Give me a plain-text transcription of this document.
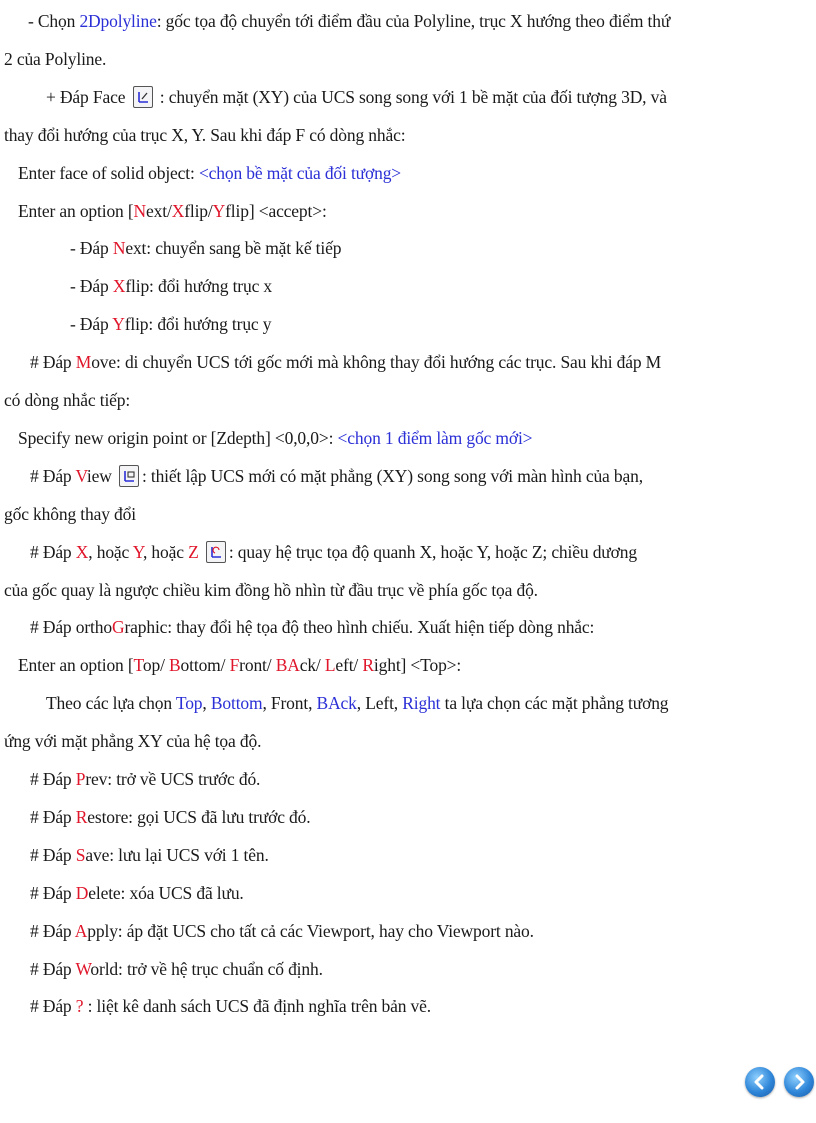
- Chọn 2Dpolyline: gốc tọa độ chuyển tới điểm đầu của Polyline, trục X hướng theo điểm thứ
2 của Polyline.
+ Đáp Face
: chuyển mặt (XY) của UCS song song với 1 bề mặt của đối tượng 3D, và
thay đổi hướng của trục X, Y. Sau khi đáp F có dòng nhắc:
Enter face of solid object: <chọn bề mặt của đối tượng>
Enter an option [Next/Xflip/Yflip] <accept>:
- Đáp Next: chuyển sang bề mặt kế tiếp
- Đáp Xflip: đổi hướng trục x
- Đáp Yflip: đổi hướng trục y
# Đáp Move: di chuyển UCS tới gốc mới mà không thay đổi hướng các trục. Sau khi đáp M
có dòng nhắc tiếp:
Specify new origin point or [Zdepth] <0,0,0>: <chọn 1 điểm làm gốc mới>
# Đáp View
: thiết lập UCS mới có mặt phẳng (XY) song song với màn hình của bạn,
gốc không thay đổi
# Đáp X, hoặc Y, hoặc Z : quay hệ trục tọa độ quanh X, hoặc Y, hoặc Z; chiều dương
của gốc quay là ngược chiều kim đồng hồ nhìn từ đầu trục về phía gốc tọa độ.
# Đáp orthoGraphic: thay đổi hệ tọa độ theo hình chiếu. Xuất hiện tiếp dòng nhắc:
Enter an option [Top/ Bottom/ Front/ BAck/ Left/ Right] <Top>:
Theo các lựa chọn Top, Bottom, Front, BAck, Left, Right ta lựa chọn các mặt phẳng tương
ứng với mặt phẳng XY của hệ tọa độ.
# Đáp Prev: trở về UCS trước đó.
# Đáp Restore: gọi UCS đã lưu trước đó.
# Đáp Save: lưu lại UCS với 1 tên.
# Đáp Delete: xóa UCS đã lưu.
# Đáp Apply: áp đặt UCS cho tất cả các Viewport, hay cho Viewport nào.
# Đáp World: trở về hệ trục chuẩn cố định.
# Đáp ? : liệt kê danh sách UCS đã định nghĩa trên bản vẽ.
